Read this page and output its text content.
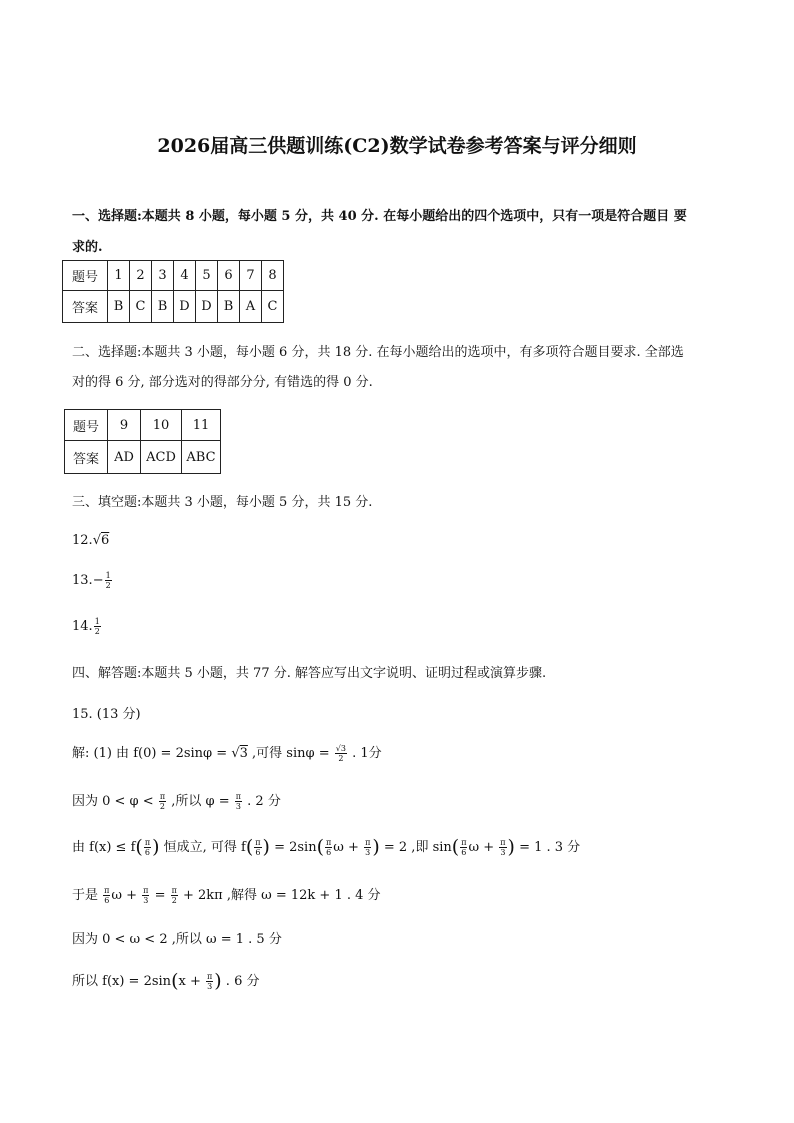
2026届高三供题训练(C2)数学试卷参考答案与评分细则
一、选择题:本题共 8 小题，每小题 5 分，共 40 分. 在每小题给出的四个选项中，只有一项是符合题目 要
求的.
题号	1	2	3	4	5	6	7	8
答案	B	C	B	D	D	B	A	C
二、选择题:本题共 3 小题，每小题 6 分，共 18 分. 在每小题给出的选项中，有多项符合题目要求. 全部选
对的得 6 分, 部分选对的得部分分, 有错选的得 0 分.
题号	9	10	11
答案	AD	ACD	ABC
三、填空题:本题共 3 小题，每小题 5 分，共 15 分.
12.√6
$13.- \frac{1}{2}$
14. $\frac{1}{2}$
四、解答题:本题共 5 小题，共 77 分. 解答应写出文字说明、证明过程或演算步骤.
15. (13 分)
解: (1) 由 f(0) = 2sinφ = √3 ,可得 $\sin\varphi = \frac{√3}{2}$ . 1分
因为 $0 < \varphi < \frac{\pi}{2}$ ,所以 $\varphi = \frac{\pi}{3}$ . 2 分
由 $f(x) \le f( \frac{\pi}{6}$ ) 恒成立, 可得 $f( \frac{\pi}{6}$ ) = $2\sin( \frac{\pi}{6}$ $\omega + \frac{\pi}{3}$ ) = 2 ,即 $\sin( \frac{\pi}{6}$ $\omega + \frac{\pi}{3}$ ) = 1 . 3 分
于是 $\frac{\pi}{6}$ $\omega + \frac{\pi}{3} = \frac{\pi}{2} + 2k\pi$ ,解得 ω = 12k + 1 . 4 分
因为 0 < ω < 2 ,所以 ω = 1 . 5 分
所以 $f(x) = 2\sin(x + \frac{\pi}{3}$ ) . 6 分
